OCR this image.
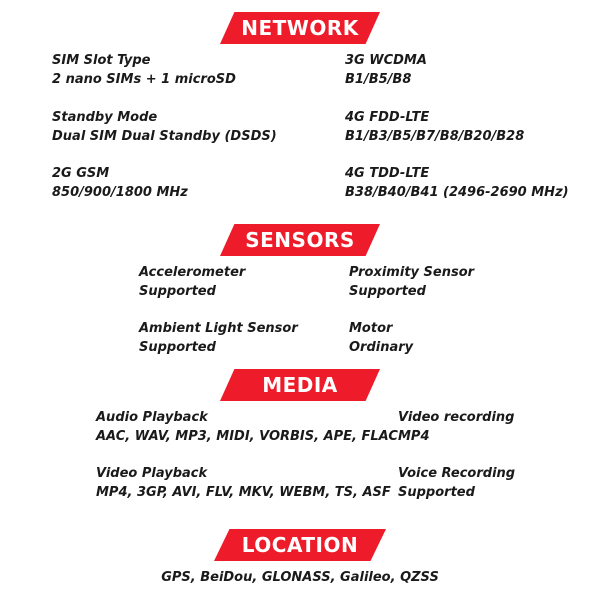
NETWORK
SIM Slot Type
2 nano SIMs + 1 microSD
Standby Mode
Dual SIM Dual Standby (DSDS)
2G GSM
850/900/1800 MHz
3G WCDMA
B1/B5/B8
4G FDD-LTE
B1/B3/B5/B7/B8/B20/B28
4G TDD-LTE
B38/B40/B41 (2496-2690 MHz)
SENSORS
Accelerometer
Supported
Ambient Light Sensor
Supported
Proximity Sensor
Supported
Motor
Ordinary
MEDIA
Audio Playback
AAC, WAV, MP3, MIDI, VORBIS, APE, FLAC
Video Playback
MP4, 3GP, AVI, FLV, MKV, WEBM, TS, ASF
Video recording
MP4
Voice Recording
Supported
LOCATION
GPS, BeiDou, GLONASS, Galileo, QZSS
